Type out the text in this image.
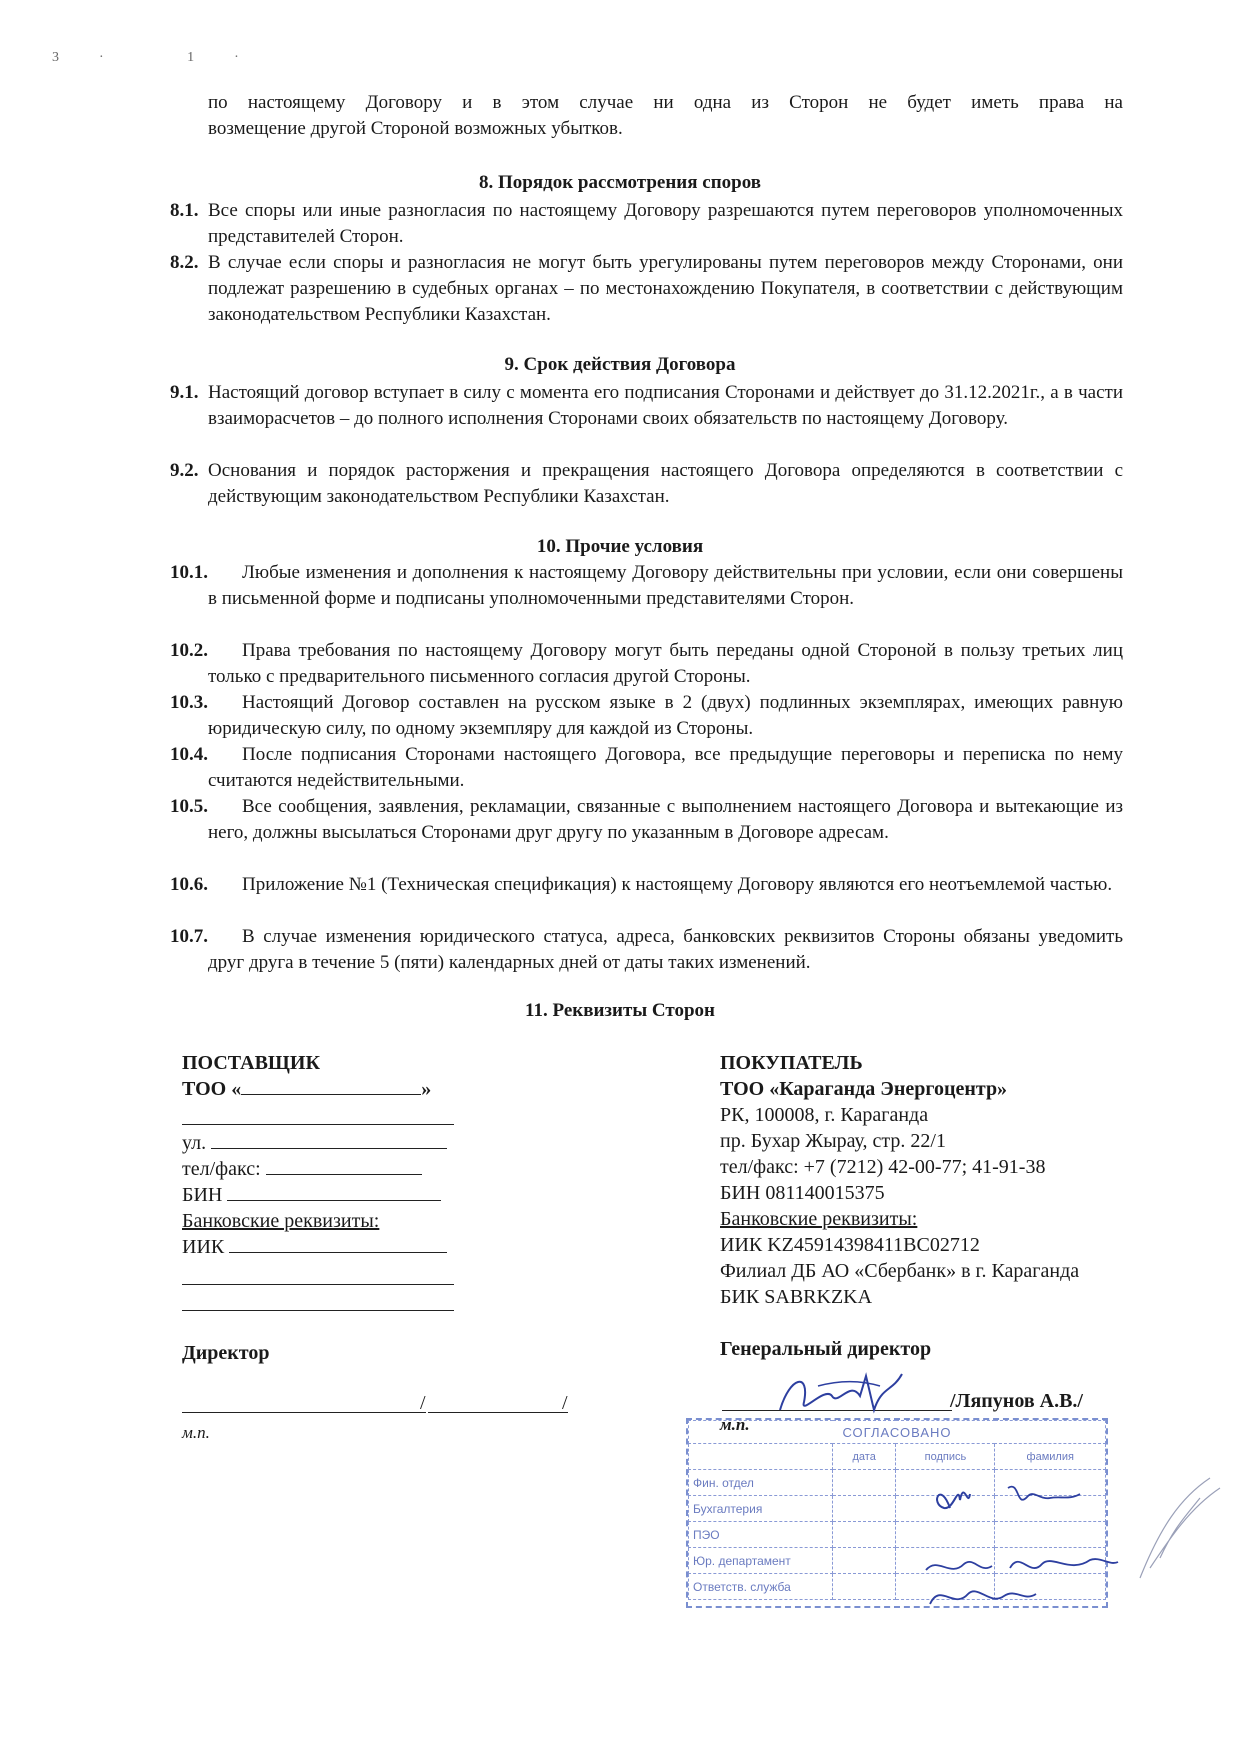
3· 1·
по настоящему Договору и в этом случае ни одна из Сторон не будет иметь права на
возмещение другой Стороной возможных убытков.
8. Порядок рассмотрения споров
8.1. Все споры или иные разногласия по настоящему Договору разрешаются путем переговоров уполномоченных представителей Сторон.
8.2. В случае если споры и разногласия не могут быть урегулированы путем переговоров между Сторонами, они подлежат разрешению в судебных органах – по местонахождению Покупателя, в соответствии с действующим законодательством Республики Казахстан.
9. Срок действия Договора
9.1. Настоящий договор вступает в силу с момента его подписания Сторонами и действует до 31.12.2021г., а в части взаиморасчетов – до полного исполнения Сторонами своих обязательств по настоящему Договору.
9.2. Основания и порядок расторжения и прекращения настоящего Договора определяются в соответствии с действующим законодательством Республики Казахстан.
10. Прочие условия
10.1.	Любые изменения и дополнения к настоящему Договору действительны при условии, если они совершены в письменной форме и подписаны уполномоченными представителями Сторон.
10.2.	Права требования по настоящему Договору могут быть переданы одной Стороной в пользу третьих лиц только с предварительного письменного согласия другой Стороны.
10.3.	Настоящий Договор составлен на русском языке в 2 (двух) подлинных экземплярах, имеющих равную юридическую силу, по одному экземпляру для каждой из Стороны.
10.4.	После подписания Сторонами настоящего Договора, все предыдущие переговоры и переписка по нему считаются недействительными.
10.5.	Все сообщения, заявления, рекламации, связанные с выполнением настоящего Договора и вытекающие из него, должны высылаться Сторонами друг другу по указанным в Договоре адресам.
10.6.	Приложение №1 (Техническая спецификация) к настоящему Договору являются его неотъемлемой частью.
10.7.	В случае изменения юридического статуса, адреса, банковских реквизитов Стороны обязаны уведомить друг друга в течение 5 (пяти) календарных дней от даты таких изменений.
11. Реквизиты Сторон
ПОСТАВЩИК
ТОО «	»
ул.
тел/факс:
БИН
Банковские реквизиты:
ИИК
Директор
/	/
м.п.
ПОКУПАТЕЛЬ
ТОО «Караганда Энергоцентр»
РК, 100008, г. Караганда
пр. Бухар Жырау, стр. 22/1
тел/факс: +7 (7212) 42-00-77; 41-91-38
БИН 081140015375
Банковские реквизиты:
ИИК KZ45914398411BC02712
Филиал ДБ АО «Сбербанк» в г. Караганда
БИК SABRKZKA
Генеральный директор
/Ляпунов А.В./
м.п.	СОГЛАСОВАНО			
	дата	подпись	фамилия
Фин. отдел			
Бухгалтерия			
ПЭО			
Юр. департамент			
Ответств. служба			
